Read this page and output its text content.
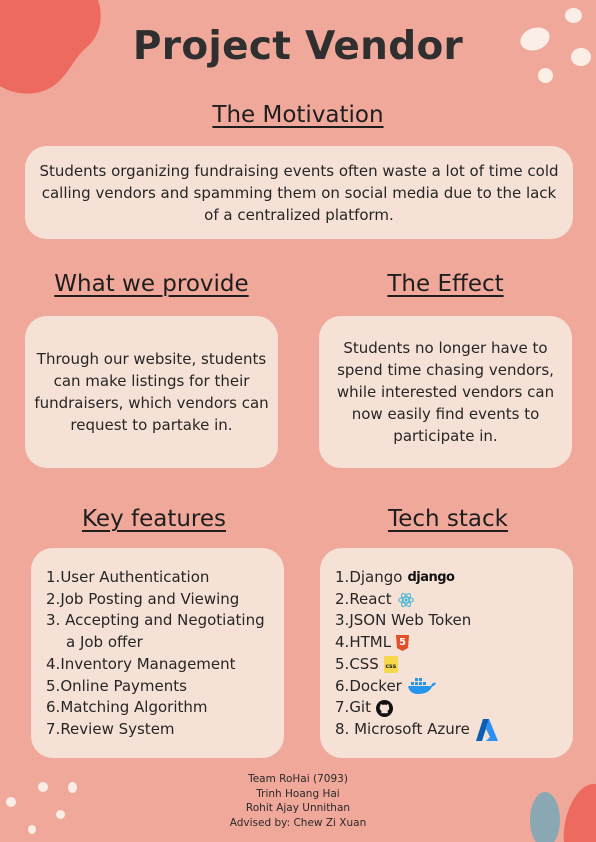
Project Vendor
The Motivation
Students organizing fundraising events often waste a lot of time cold calling vendors and spamming them on social media due to the lack of a centralized platform.
What we provide
Through our website, students can make listings for their fundraisers, which vendors can request to partake in.
The Effect
Students no longer have to spend time chasing vendors, while interested vendors can now easily find events to participate in.
Key features
1. User Authentication
2. Job Posting and Viewing
3. Accepting and Negotiating
a Job offer
4. Inventory Management
5. Online Payments
6. Matching Algorithm
7. Review System
Tech stack
1. Django django
2. React
3. JSON Web Token
4. HTML 5
5. CSS css
6. Docker
7. Git
8. Microsoft Azure
Team RoHai (7093)
Trinh Hoang Hai
Rohit Ajay Unnithan
Advised by: Chew Zi Xuan
